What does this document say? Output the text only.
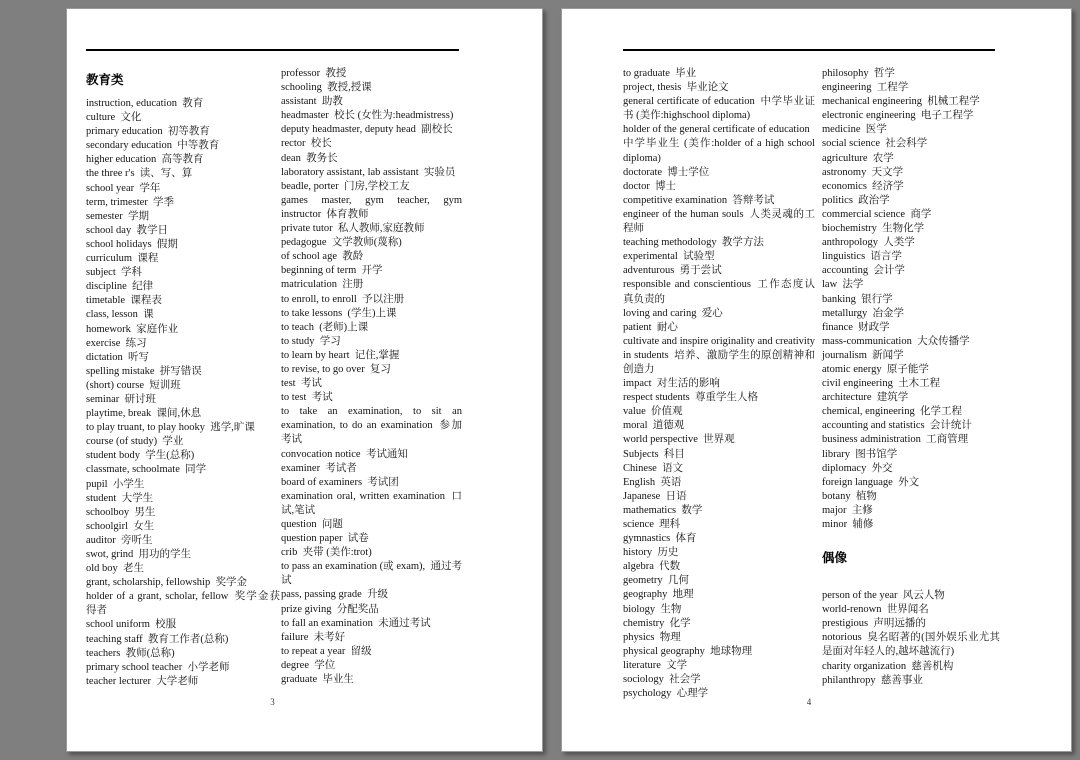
教育类
instruction, education 教育
culture 文化
primary education 初等教育
secondary education 中等教育
higher education 高等教育
the three r's 读、写、算
school year 学年
term, trimester 学季
semester 学期
school day 教学日
school holidays 假期
curriculum 课程
subject 学科
discipline 纪律
timetable 课程表
class, lesson 课
homework 家庭作业
exercise 练习
dictation 听写
spelling mistake 拼写错误
(short) course 短训班
seminar 研讨班
playtime, break 课间,休息
to play truant, to play hooky 逃学,旷课
course (of study) 学业
student body 学生(总称)
classmate, schoolmate 同学
pupil 小学生
student 大学生
schoolboy 男生
schoolgirl 女生
auditor 旁听生
swot, grind 用功的学生
old boy 老生
grant, scholarship, fellowship 奖学金
holder of a grant, scholar, fellow 奖学金获得者
school uniform 校服
teaching staff 教育工作者(总称)
teachers 教师(总称)
primary school teacher 小学老师
teacher lecturer 大学老师
professor 教授
schooling 教授,授课
assistant 助教
headmaster 校长 (女性为:headmistress)
deputy headmaster, deputy head 副校长
rector 校长
dean 教务长
laboratory assistant, lab assistant 实验员
beadle, porter 门房,学校工友
games master, gym teacher, gym instructor 体育教师
private tutor 私人教师,家庭教师
pedagogue 文学教师(蔑称)
of school age 教龄
beginning of term 开学
matriculation 注册
to enroll, to enroll 予以注册
to take lessons (学生)上课
to teach (老师)上课
to study 学习
to learn by heart 记住,掌握
to revise, to go over 复习
test 考试
to test 考试
to take an examination, to sit an examination, to do an examination 参加考试
convocation notice 考试通知
examiner 考试者
board of examiners 考试团
examination oral, written examination 口试,笔试
question 问题
question paper 试卷
crib 夹带 (美作:trot)
to pass an examination (或 exam), 通过考试
pass, passing grade 升级
prize giving 分配奖品
to fall an examination 未通过考试
failure 未考好
to repeat a year 留级
degree 学位
graduate 毕业生
3
to graduate 毕业
project, thesis 毕业论文
general certificate of education 中学毕业证书 (美作:highschool diploma)
holder of the general certificate of education 中学毕业生 (美作:holder of a high school diploma)
doctorate 博士学位
doctor 博士
competitive examination 答辩考试
engineer of the human souls 人类灵魂的工程师
teaching methodology 教学方法
experimental 试验型
adventurous 勇于尝试
responsible and conscientious 工作态度认真负责的
loving and caring 爱心
patient 耐心
cultivate and inspire originality and creativity in students 培养、激励学生的原创精神和创造力
impact 对生活的影响
respect students 尊重学生人格
value 价值观
moral 道德观
world perspective 世界观
Subjects 科目
Chinese 语文
English 英语
Japanese 日语
mathematics 数学
science 理科
gymnastics 体育
history 历史
algebra 代数
geometry 几何
geography 地理
biology 生物
chemistry 化学
physics 物理
physical geography 地球物理
literature 文学
sociology 社会学
psychology 心理学
philosophy 哲学
engineering 工程学
mechanical engineering 机械工程学
electronic engineering 电子工程学
medicine 医学
social science 社会科学
agriculture 农学
astronomy 天文学
economics 经济学
politics 政治学
commercial science 商学
biochemistry 生物化学
anthropology 人类学
linguistics 语言学
accounting 会计学
law 法学
banking 银行学
metallurgy 冶金学
finance 财政学
mass-communication 大众传播学
journalism 新闻学
atomic energy 原子能学
civil engineering 土木工程
architecture 建筑学
chemical, engineering 化学工程
accounting and statistics 会计统计
business administration 工商管理
library 图书馆学
diplomacy 外交
foreign language 外文
botany 植物
major 主修
minor 辅修
偶像
person of the year 风云人物
world-renown 世界闻名
prestigious 声明远播的
notorious 臭名昭著的(国外娱乐业尤其是面对年轻人的,越坏越流行)
charity organization 慈善机构
philanthropy 慈善事业
4
